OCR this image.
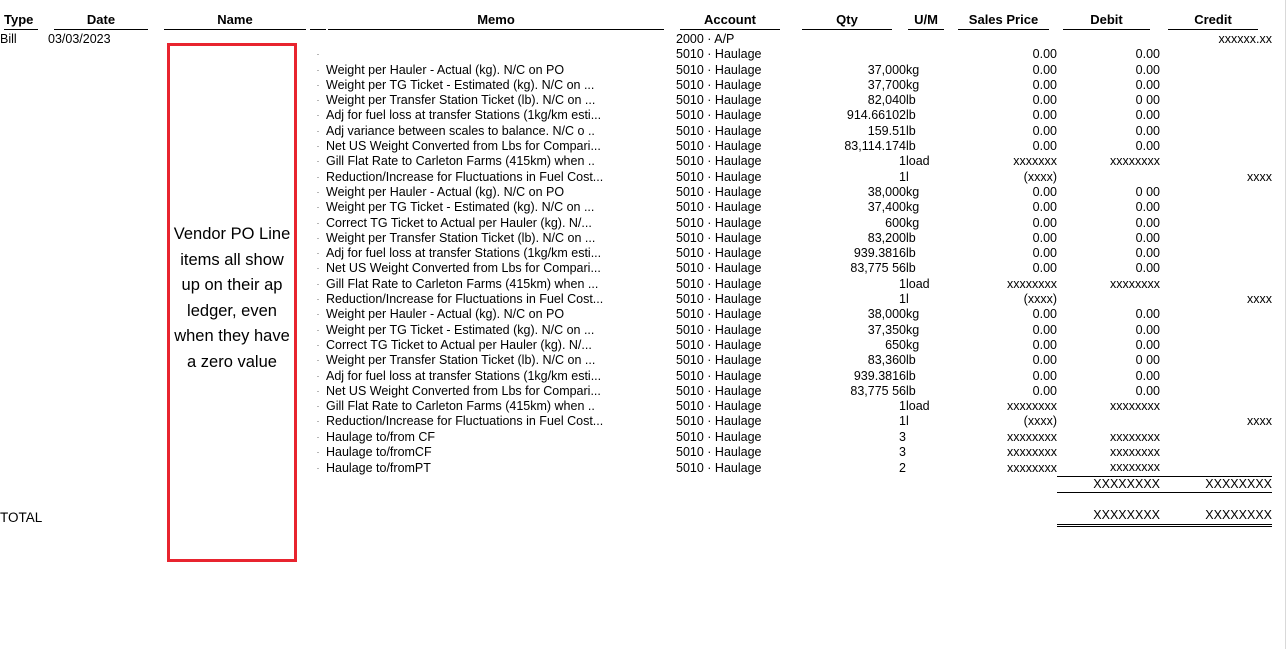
Type	Date	Name		Memo	Account	Qty	U/M	Sales Price	Debit	Credit

Bill	03/03/2023				2000 · A/P					xxxxxx.xx
			·		5010 · Haulage			0.00	0.00	
			·	Weight per Hauler - Actual (kg). N/C on PO	5010 · Haulage	37,000	kg	0.00	0.00	
			·	Weight per TG Ticket - Estimated (kg). N/C on ...	5010 · Haulage	37,700	kg	0.00	0.00	
			·	Weight per Transfer Station Ticket (lb). N/C on ...	5010 · Haulage	82,040	lb	0.00	0 00	
			·	Adj for fuel loss at transfer Stations (1kg/km esti...	5010 · Haulage	914.66102	lb	0.00	0.00	
			·	Adj variance between scales to balance. N/C o ..	5010 · Haulage	159.51	lb	0.00	0.00	
			·	Net US Weight Converted from Lbs for Compari...	5010 · Haulage	83,114.174	lb	0.00	0.00	
			·	Gill Flat Rate to Carleton Farms (415km) when ..	5010 · Haulage	1	load	xxxxxxx	xxxxxxxx	
			·	Reduction/Increase for Fluctuations in Fuel Cost...	5010 · Haulage	1	l	(xxxx)		xxxx
			·	Weight per Hauler - Actual (kg). N/C on PO	5010 · Haulage	38,000	kg	0.00	0 00	
			·	Weight per TG Ticket - Estimated (kg). N/C on ...	5010 · Haulage	37,400	kg	0.00	0.00	
			·	Correct TG Ticket to Actual per Hauler (kg). N/...	5010 · Haulage	600	kg	0.00	0.00	
			·	Weight per Transfer Station Ticket (lb). N/C on ...	5010 · Haulage	83,200	lb	0.00	0.00	
			·	Adj for fuel loss at transfer Stations (1kg/km esti...	5010 · Haulage	939.3816	lb	0.00	0.00	
			·	Net US Weight Converted from Lbs for Compari...	5010 · Haulage	83,775 56	lb	0.00	0.00	
			·	Gill Flat Rate to Carleton Farms (415km) when ...	5010 · Haulage	1	load	xxxxxxxx	xxxxxxxx	
			·	Reduction/Increase for Fluctuations in Fuel Cost...	5010 · Haulage	1	l	(xxxx)		xxxx
			·	Weight per Hauler - Actual (kg). N/C on PO	5010 · Haulage	38,000	kg	0.00	0.00	
			·	Weight per TG Ticket - Estimated (kg). N/C on ...	5010 · Haulage	37,350	kg	0.00	0.00	
			·	Correct TG Ticket to Actual per Hauler (kg). N/...	5010 · Haulage	650	kg	0.00	0.00	
			·	Weight per Transfer Station Ticket (lb). N/C on ...	5010 · Haulage	83,360	lb	0.00	0 00	
			·	Adj for fuel loss at transfer Stations (1kg/km esti...	5010 · Haulage	939.3816	lb	0.00	0.00	
			·	Net US Weight Converted from Lbs for Compari...	5010 · Haulage	83,775 56	lb	0.00	0.00	
			·	Gill Flat Rate to Carleton Farms (415km) when ..	5010 · Haulage	1	load	xxxxxxxx	xxxxxxxx	
			·	Reduction/Increase for Fluctuations in Fuel Cost...	5010 · Haulage	1	l	(xxxx)		xxxx
			·	Haulage to/from CF	5010 · Haulage	3		xxxxxxxx	xxxxxxxx	
			·	Haulage to/fromCF	5010 · Haulage	3		xxxxxxxx	xxxxxxxx	
			·	Haulage to/fromPT	5010 · Haulage	2		xxxxxxxx	xxxxxxxx	
									XXXXXXXX	XXXXXXXX

TOTAL									XXXXXXXX	XXXXXXXX
Vendor PO Line items all show up on their ap ledger, even when they have a zero value
